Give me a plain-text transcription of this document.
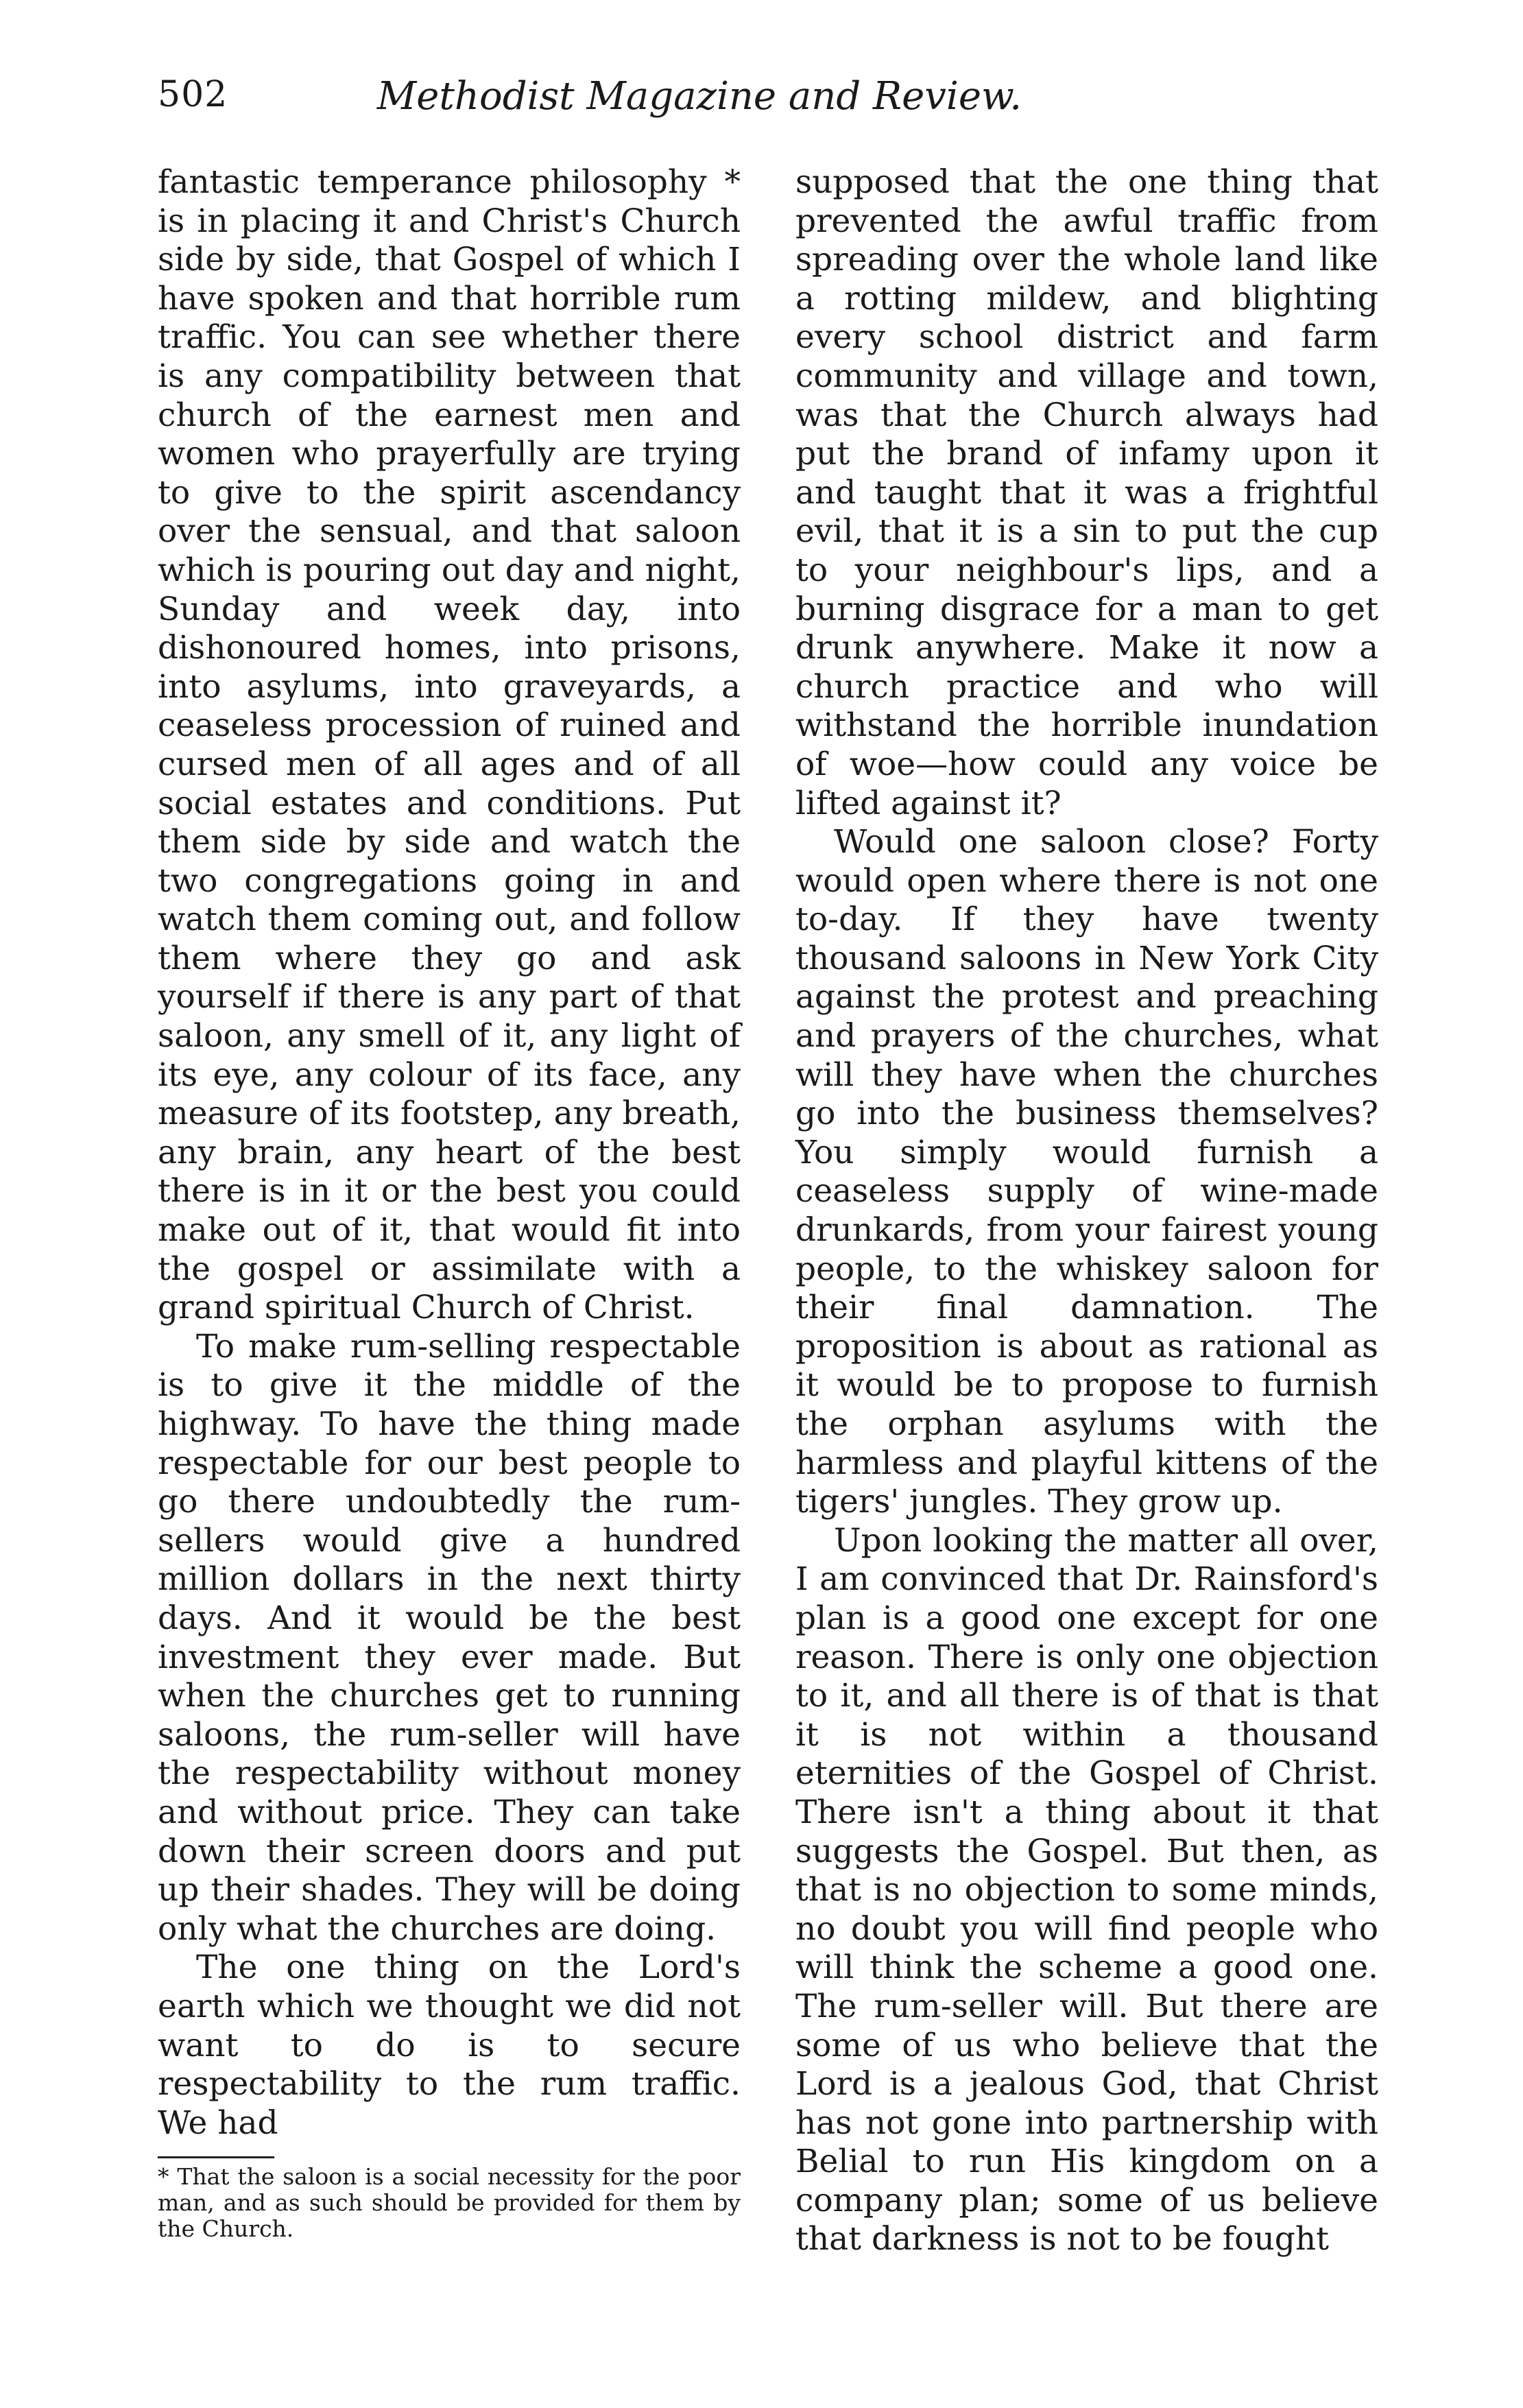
502	Methodist Magazine and Review.

fantastic temperance philosophy * is in placing it and Christ's Church side by side, that Gospel of which I have spoken and that horrible rum traffic. You can see whether there is any compatibility between that church of the earnest men and women who prayerfully are trying to give to the spirit ascendancy over the sensual, and that saloon which is pouring out day and night, Sunday and week day, into dishonoured homes, into prisons, into asylums, into graveyards, a ceaseless procession of ruined and cursed men of all ages and of all social estates and conditions. Put them side by side and watch the two congregations going in and watch them coming out, and follow them where they go and ask yourself if there is any part of that saloon, any smell of it, any light of its eye, any colour of its face, any measure of its footstep, any breath, any brain, any heart of the best there is in it or the best you could make out of it, that would fit into the gospel or assimilate with a grand spiritual Church of Christ.

To make rum-selling respectable is to give it the middle of the highway. To have the thing made respectable for our best people to go there undoubtedly the rum-sellers would give a hundred million dollars in the next thirty days. And it would be the best investment they ever made. But when the churches get to running saloons, the rum-seller will have the respectability without money and without price. They can take down their screen doors and put up their shades. They will be doing only what the churches are doing.

The one thing on the Lord's earth which we thought we did not want to do is to secure respectability to the rum traffic. We had

* That the saloon is a social necessity for the poor man, and as such should be provided for them by the Church.

supposed that the one thing that prevented the awful traffic from spreading over the whole land like a rotting mildew, and blighting every school district and farm community and village and town, was that the Church always had put the brand of infamy upon it and taught that it was a frightful evil, that it is a sin to put the cup to your neighbour's lips, and a burning disgrace for a man to get drunk anywhere. Make it now a church practice and who will withstand the horrible inundation of woe—how could any voice be lifted against it?

Would one saloon close? Forty would open where there is not one to-day. If they have twenty thousand saloons in New York City against the protest and preaching and prayers of the churches, what will they have when the churches go into the business themselves? You simply would furnish a ceaseless supply of wine-made drunkards, from your fairest young people, to the whiskey saloon for their final damnation. The proposition is about as rational as it would be to propose to furnish the orphan asylums with the harmless and playful kittens of the tigers' jungles. They grow up.

Upon looking the matter all over, I am convinced that Dr. Rainsford's plan is a good one except for one reason. There is only one objection to it, and all there is of that is that it is not within a thousand eternities of the Gospel of Christ. There isn't a thing about it that suggests the Gospel. But then, as that is no objection to some minds, no doubt you will find people who will think the scheme a good one. The rum-seller will. But there are some of us who believe that the Lord is a jealous God, that Christ has not gone into partnership with Belial to run His kingdom on a company plan; some of us believe that darkness is not to be fought
